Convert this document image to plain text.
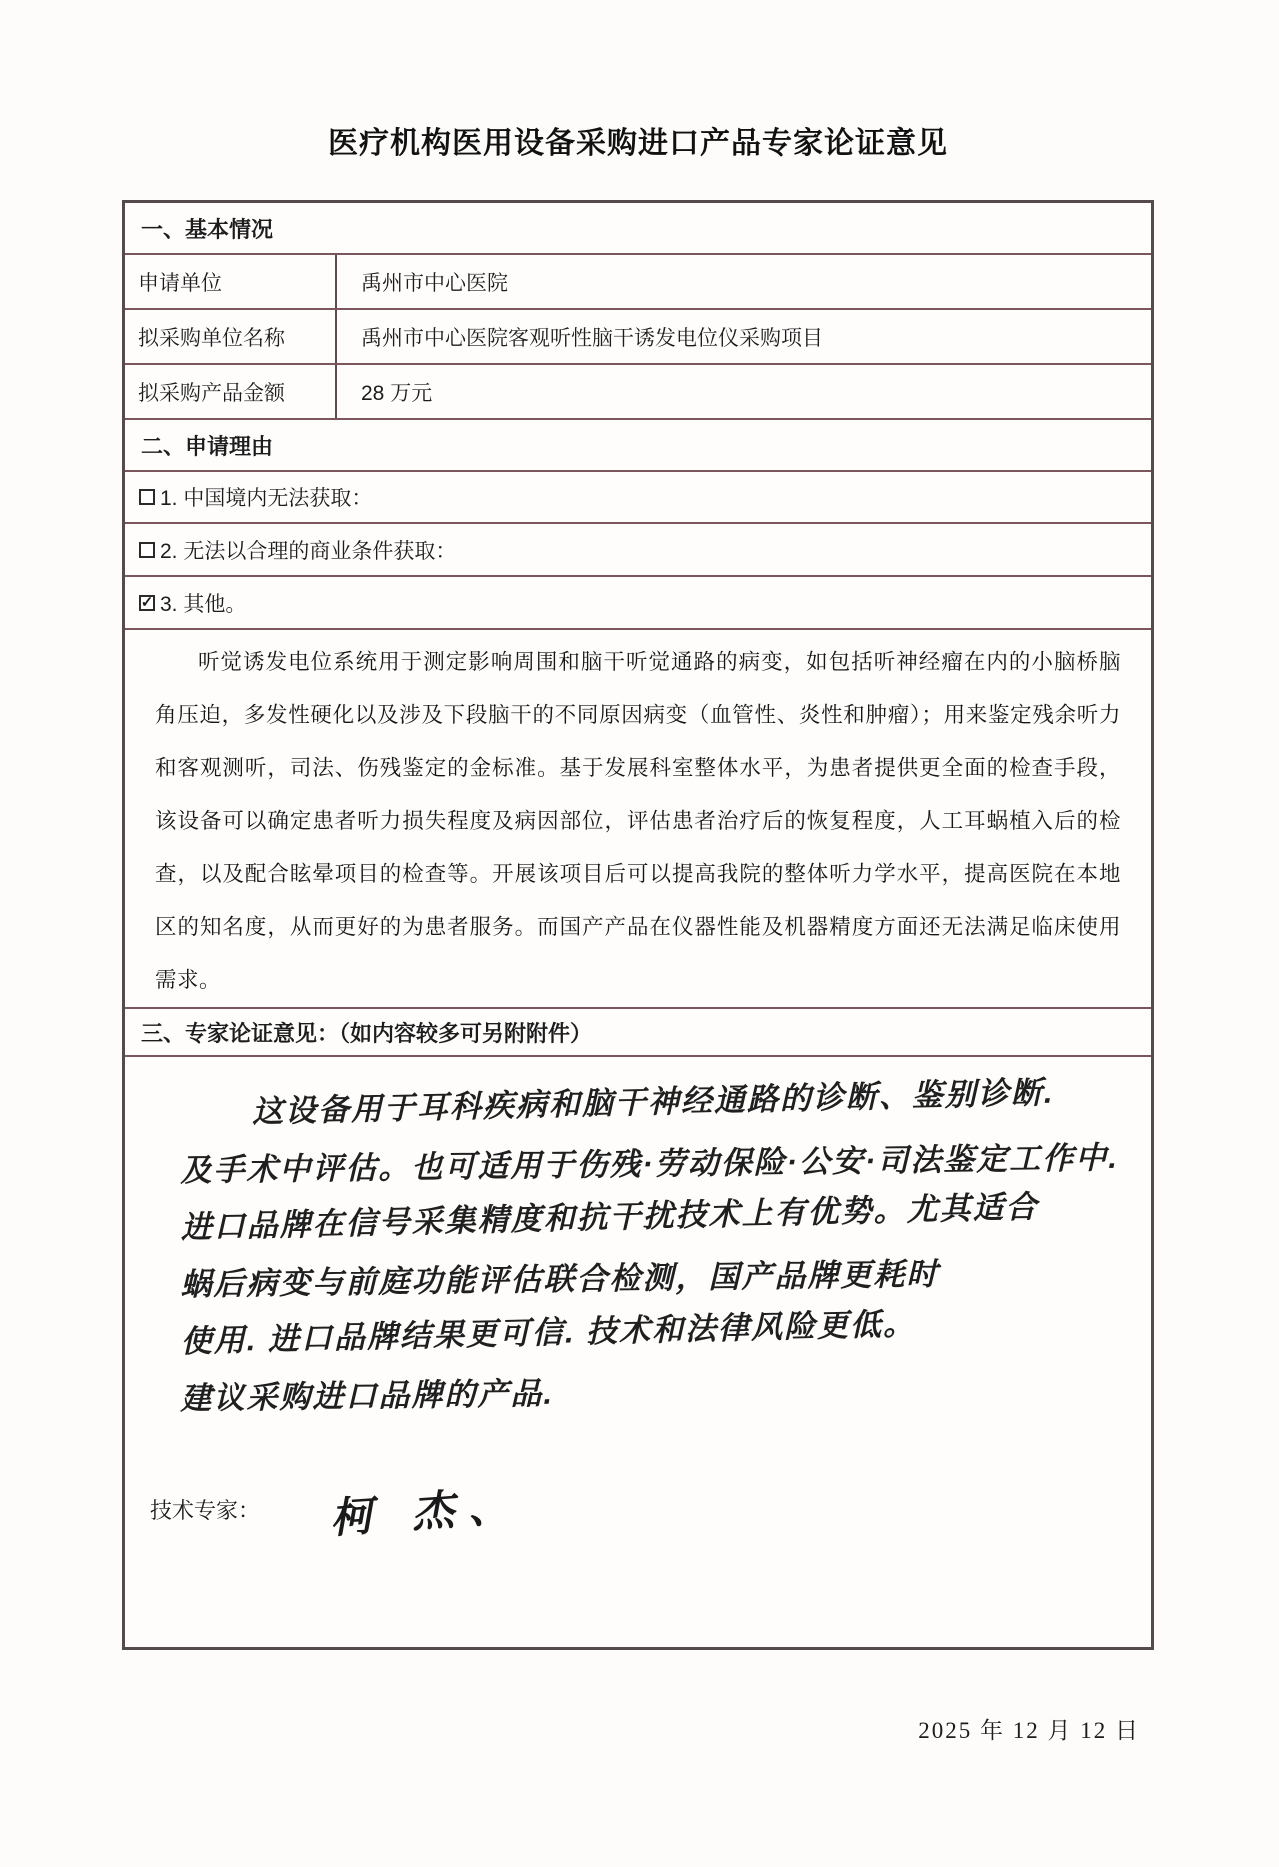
医疗机构医用设备采购进口产品专家论证意见
一、基本情况
申请单位	禹州市中心医院
拟采购单位名称	禹州市中心医院客观听性脑干诱发电位仪采购项目
拟采购产品金额	28 万元
二、申请理由
1. 中国境内无法获取：
2. 无法以合理的商业条件获取：
✓
3. 其他。

听觉诱发电位系统用于测定影响周围和脑干听觉通路的病变，如包括听神经瘤在内的小脑桥脑角压迫，多发性硬化以及涉及下段脑干的不同原因病变（血管性、炎性和肿瘤）；用来鉴定残余听力和客观测听，司法、伤残鉴定的金标准。基于发展科室整体水平，为患者提供更全面的检查手段，该设备可以确定患者听力损失程度及病因部位，评估患者治疗后的恢复程度，人工耳蜗植入后的检查，以及配合眩晕项目的检查等。开展该项目后可以提高我院的整体听力学水平，提高医院在本地区的知名度，从而更好的为患者服务。而国产产品在仪器性能及机器精度方面还无法满足临床使用需求。

三、专家论证意见：（如内容较多可另附附件）
这设备用于耳科疾病和脑干神经通路的诊断、鉴别诊断.
及手术中评估。也可适用于伤残·劳动保险·公安·司法鉴定工作中.
进口品牌在信号采集精度和抗干扰技术上有优势。尤其适合
蜗后病变与前庭功能评估联合检测，国产品牌更耗时
使用. 进口品牌结果更可信. 技术和法律风险更低。
建议采购进口品牌的产品.
技术专家： 柯 杰、
2025 年 12 月 12 日
